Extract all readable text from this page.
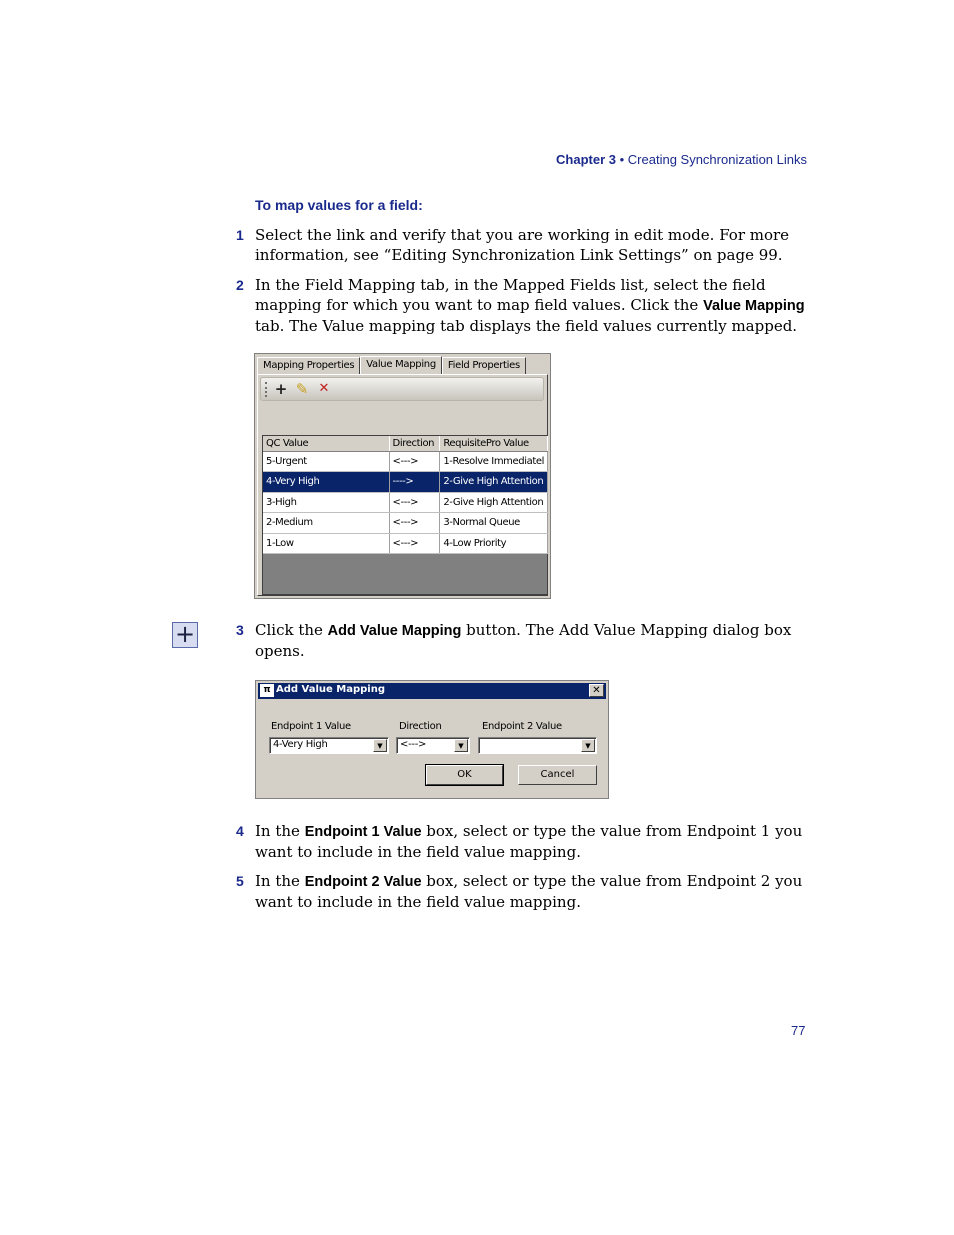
Chapter 3 • Creating Synchronization Links
To map values for a field:
1 Select the link and verify that you are working in edit mode. For more information, see “Editing Synchronization Link Settings” on page 99.
2 In the Field Mapping tab, in the Mapped Fields list, select the field mapping for which you want to map field values. Click the Value Mapping tab. The Value mapping tab displays the field values currently mapped.
Mapping Properties	Value Mapping	Field Properties
+ ✎ ✕
QC Value	Direction	RequisitePro Value
5-Urgent	<--->	1-Resolve Immediatel
4-Very High	---->	2-Give High Attention
3-High	<--->	2-Give High Attention
2-Medium	<--->	3-Normal Queue
1-Low	<--->	4-Low Priority
+	3 Click the Add Value Mapping button. The Add Value Mapping dialog box opens.
π Add Value Mapping	✕
Endpoint 1 Value	Direction	Endpoint 2 Value
4-Very High	▼	<--->	▼	▼
OK	Cancel
4 In the Endpoint 1 Value box, select or type the value from Endpoint 1 you want to include in the field value mapping.
5 In the Endpoint 2 Value box, select or type the value from Endpoint 2 you want to include in the field value mapping.
77
